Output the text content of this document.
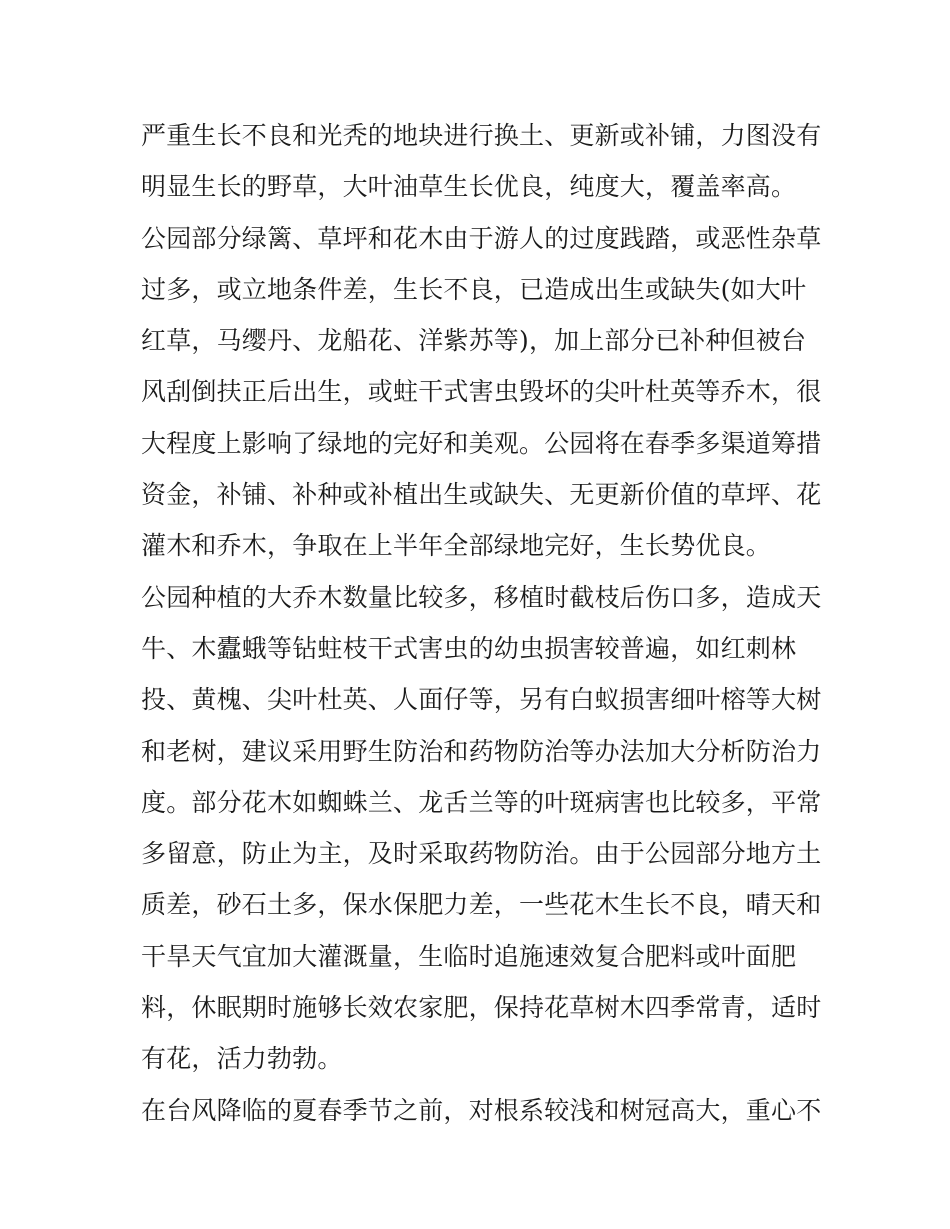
严重生长不良和光秃的地块进行换土、更新或补铺，力图没有
明显生长的野草，大叶油草生长优良，纯度大，覆盖率高。
公园部分绿篱、草坪和花木由于游人的过度践踏，或恶性杂草
过多，或立地条件差，生长不良，已造成出生或缺失(如大叶
红草，马缨丹、龙船花、洋紫苏等)，加上部分已补种但被台
风刮倒扶正后出生，或蛀干式害虫毁坏的尖叶杜英等乔木，很
大程度上影响了绿地的完好和美观。公园将在春季多渠道筹措
资金，补铺、补种或补植出生或缺失、无更新价值的草坪、花
灌木和乔木，争取在上半年全部绿地完好，生长势优良。
公园种植的大乔木数量比较多，移植时截枝后伤口多，造成天
牛、木蠹蛾等钻蛀枝干式害虫的幼虫损害较普遍，如红刺林
投、黄槐、尖叶杜英、人面仔等，另有白蚁损害细叶榕等大树
和老树，建议采用野生防治和药物防治等办法加大分析防治力
度。部分花木如蜘蛛兰、龙舌兰等的叶斑病害也比较多，平常
多留意，防止为主，及时采取药物防治。由于公园部分地方土
质差，砂石土多，保水保肥力差，一些花木生长不良，晴天和
干旱天气宜加大灌溉量，生临时追施速效复合肥料或叶面肥
料，休眠期时施够长效农家肥，保持花草树木四季常青，适时
有花，活力勃勃。
在台风降临的夏春季节之前，对根系较浅和树冠高大，重心不
